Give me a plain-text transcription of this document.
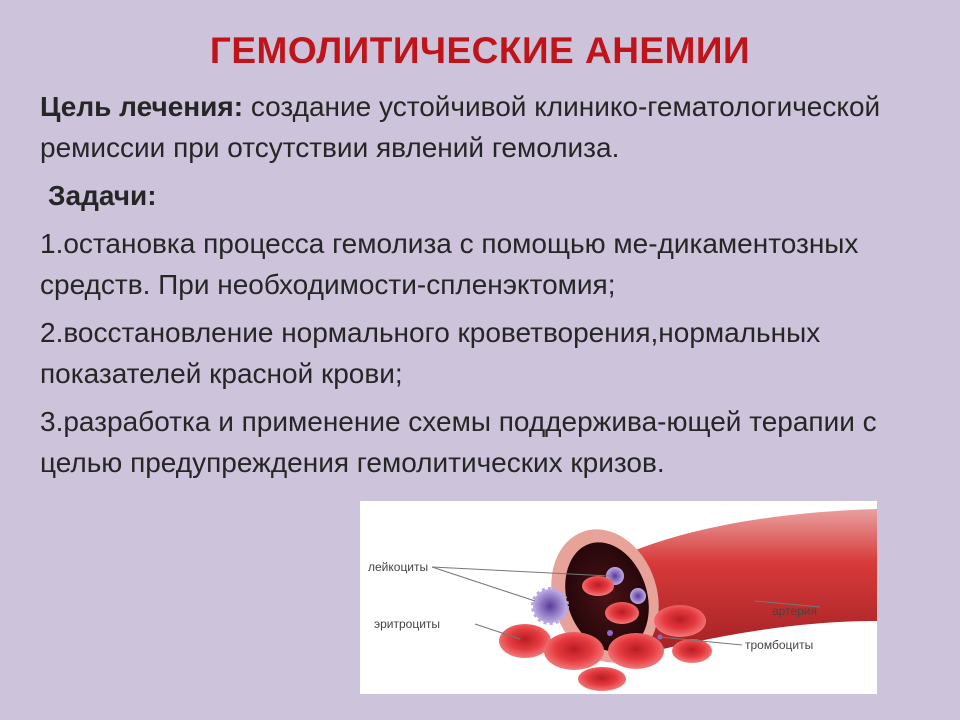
ГЕМОЛИТИЧЕСКИЕ АНЕМИИ

Цель лечения: создание устойчивой клинико-гематологической ремиссии при отсутствии явлений гемолиза.

Задачи:

1.остановка процесса гемолиза с помощью ме-дикаментозных средств. При необходимости-спленэктомия;

2.восстановление нормального кроветворения,нормальных показателей красной крови;

3.разработка и применение схемы поддержива-ющей терапии с целью предупреждения гемолитических кризов.

лейкоциты
эритроциты
артерия
тромбоциты
